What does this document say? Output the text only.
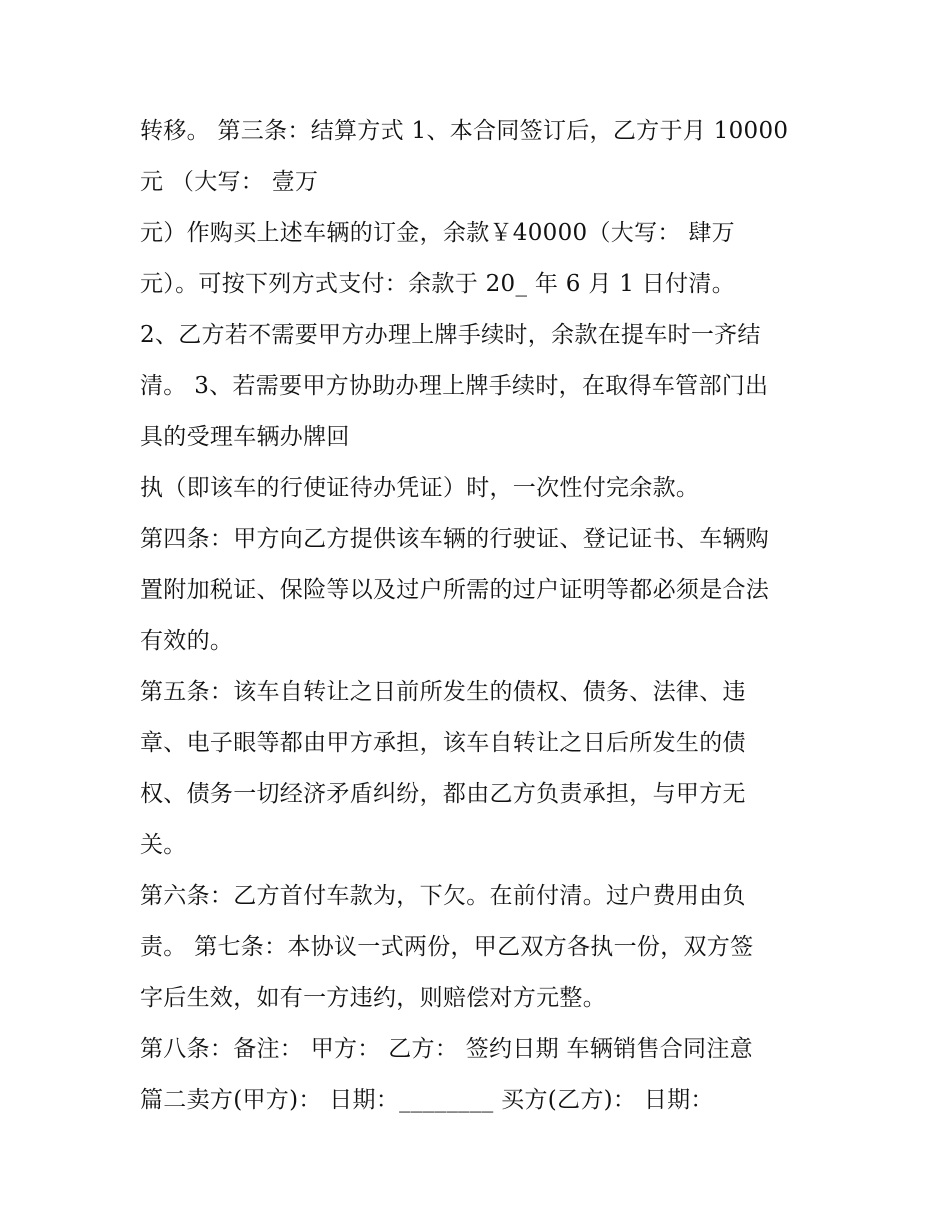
转移。 第三条：结算方式 1、本合同签订后，乙方于月 10000
元 （大写： 壹万
元）作购买上述车辆的订金，余款￥40000（大写： 肆万
元）。可按下列方式支付：余款于 20_ 年 6 月 1 日付清。
2、乙方若不需要甲方办理上牌手续时，余款在提车时一齐结
清。 3、若需要甲方协助办理上牌手续时，在取得车管部门出
具的受理车辆办牌回
执（即该车的行使证待办凭证）时，一次性付完余款。
第四条：甲方向乙方提供该车辆的行驶证、登记证书、车辆购
置附加税证、保险等以及过户所需的过户证明等都必须是合法
有效的。
第五条：该车自转让之日前所发生的债权、债务、法律、违
章、电子眼等都由甲方承担，该车自转让之日后所发生的债
权、债务一切经济矛盾纠纷，都由乙方负责承担，与甲方无
关。
第六条：乙方首付车款为，下欠。在前付清。过户费用由负
责。 第七条：本协议一式两份，甲乙双方各执一份，双方签
字后生效，如有一方违约，则赔偿对方元整。
第八条：备注： 甲方： 乙方： 签约日期 车辆销售合同注意
篇二卖方(甲方)： 日期：________ 买方(乙方)： 日期：
